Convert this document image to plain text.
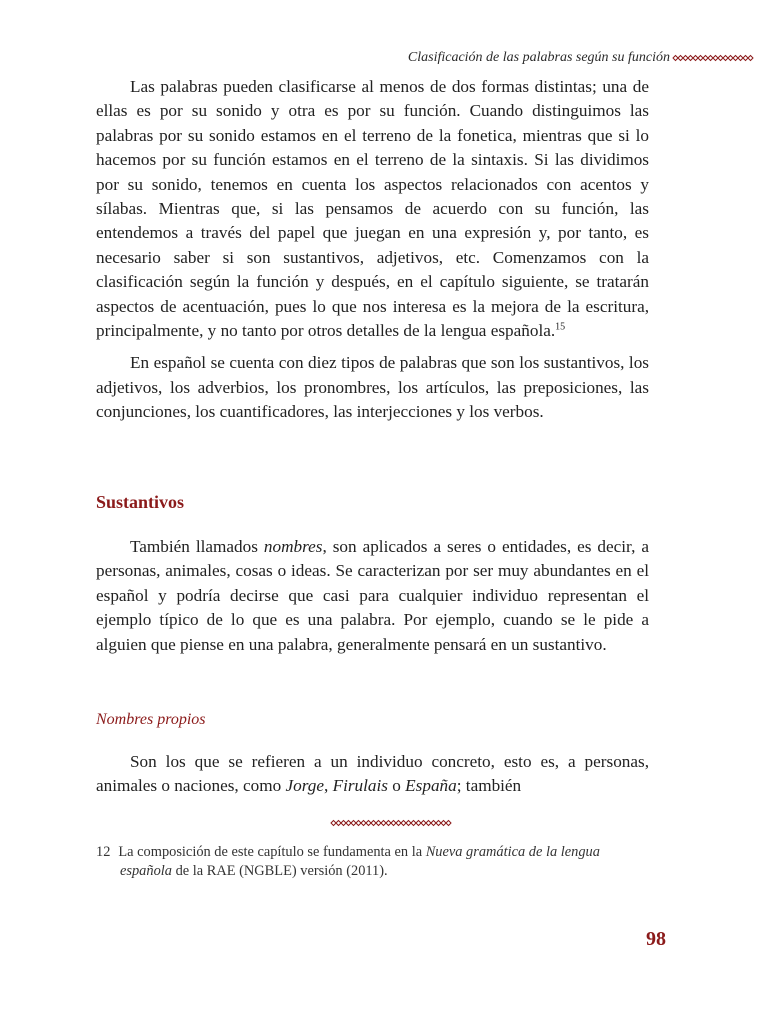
Clasificación de las palabras según su función

Las palabras pueden clasificarse al menos de dos formas distintas; una de ellas es por su sonido y otra es por su función. Cuando distinguimos las palabras por su sonido estamos en el terreno de la fonetica, mientras que si lo hacemos por su función estamos en el terreno de la sintaxis. Si las dividimos por su sonido, tenemos en cuenta los aspectos relacionados con acentos y sílabas. Mientras que, si las pensamos de acuerdo con su función, las entendemos a través del papel que juegan en una expresión y, por tanto, es necesario saber si son sustantivos, adjetivos, etc. Comenzamos con la clasificación según la función y después, en el capítulo siguiente, se tratarán aspectos de acentuación, pues lo que nos interesa es la mejora de la escritura, principalmente, y no tanto por otros detalles de la lengua española.$^{15}$

En español se cuenta con diez tipos de palabras que son los sustantivos, los adjetivos, los adverbios, los pronombres, los artículos, las preposiciones, las conjunciones, los cuantificadores, las interjecciones y los verbos.

Sustantivos

También llamados nombres, son aplicados a seres o entidades, es decir, a personas, animales, cosas o ideas. Se caracterizan por ser muy abundantes en el español y podría decirse que casi para cualquier individuo representan el ejemplo típico de lo que es una palabra. Por ejemplo, cuando se le pide a alguien que piense en una palabra, generalmente pensará en un sustantivo.

Nombres propios

Son los que se refieren a un individuo concreto, esto es, a personas, animales o naciones, como Jorge, Firulais o España; también

12 La composición de este capítulo se fundamenta en la Nueva gramática de la lengua
española de la RAE (NGBLE) versión (2011).
98
